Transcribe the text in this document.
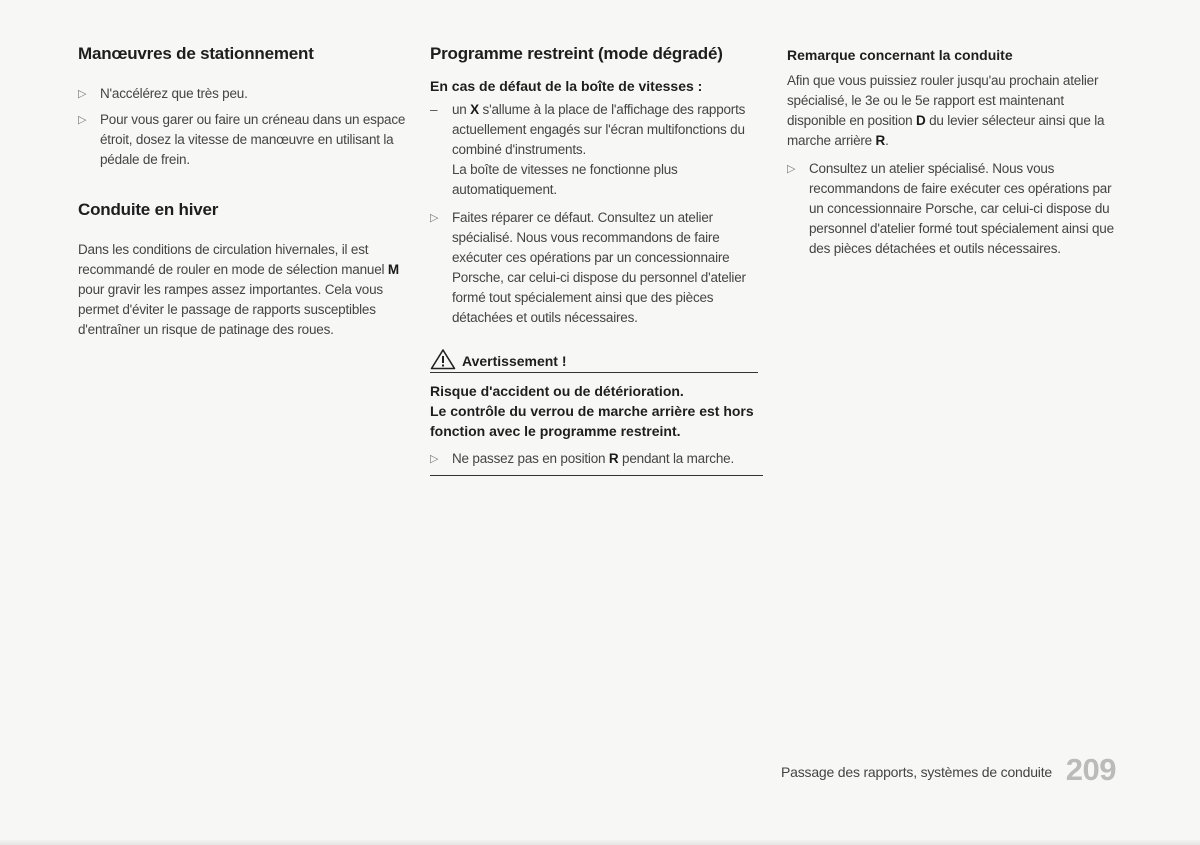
Manœuvres de stationnement
▷ N'accélérez que très peu.
▷ Pour vous garer ou faire un créneau dans un espace étroit, dosez la vitesse de manœuvre en utilisant la pédale de frein.
Conduite en hiver

Dans les conditions de circulation hivernales, il est recommandé de rouler en mode de sélection manuel M pour gravir les rampes assez importantes. Cela vous permet d'éviter le passage de rapports susceptibles d'entraîner un risque de patinage des roues.

Programme restreint (mode dégradé)
En cas de défaut de la boîte de vitesses :
– un X s'allume à la place de l'affichage des rapports actuellement engagés sur l'écran multifonctions du combiné d'instruments.
La boîte de vitesses ne fonctionne plus automatiquement.
▷ Faites réparer ce défaut. Consultez un atelier spécialisé. Nous vous recommandons de faire exécuter ces opérations par un concessionnaire Porsche, car celui-ci dispose du personnel d'atelier formé tout spécialement ainsi que des pièces détachées et outils nécessaires.
Avertissement !

Risque d'accident ou de détérioration.

Le contrôle du verrou de marche arrière est hors fonction avec le programme restreint.

▷ Ne passez pas en position R pendant la marche.
Remarque concernant la conduite

Afin que vous puissiez rouler jusqu'au prochain atelier spécialisé, le 3e ou le 5e rapport est maintenant disponible en position D du levier sélecteur ainsi que la marche arrière R.

▷ Consultez un atelier spécialisé. Nous vous recommandons de faire exécuter ces opérations par un concessionnaire Porsche, car celui-ci dispose du personnel d'atelier formé tout spécialement ainsi que des pièces détachées et outils nécessaires.
Passage des rapports, systèmes de conduite 209
